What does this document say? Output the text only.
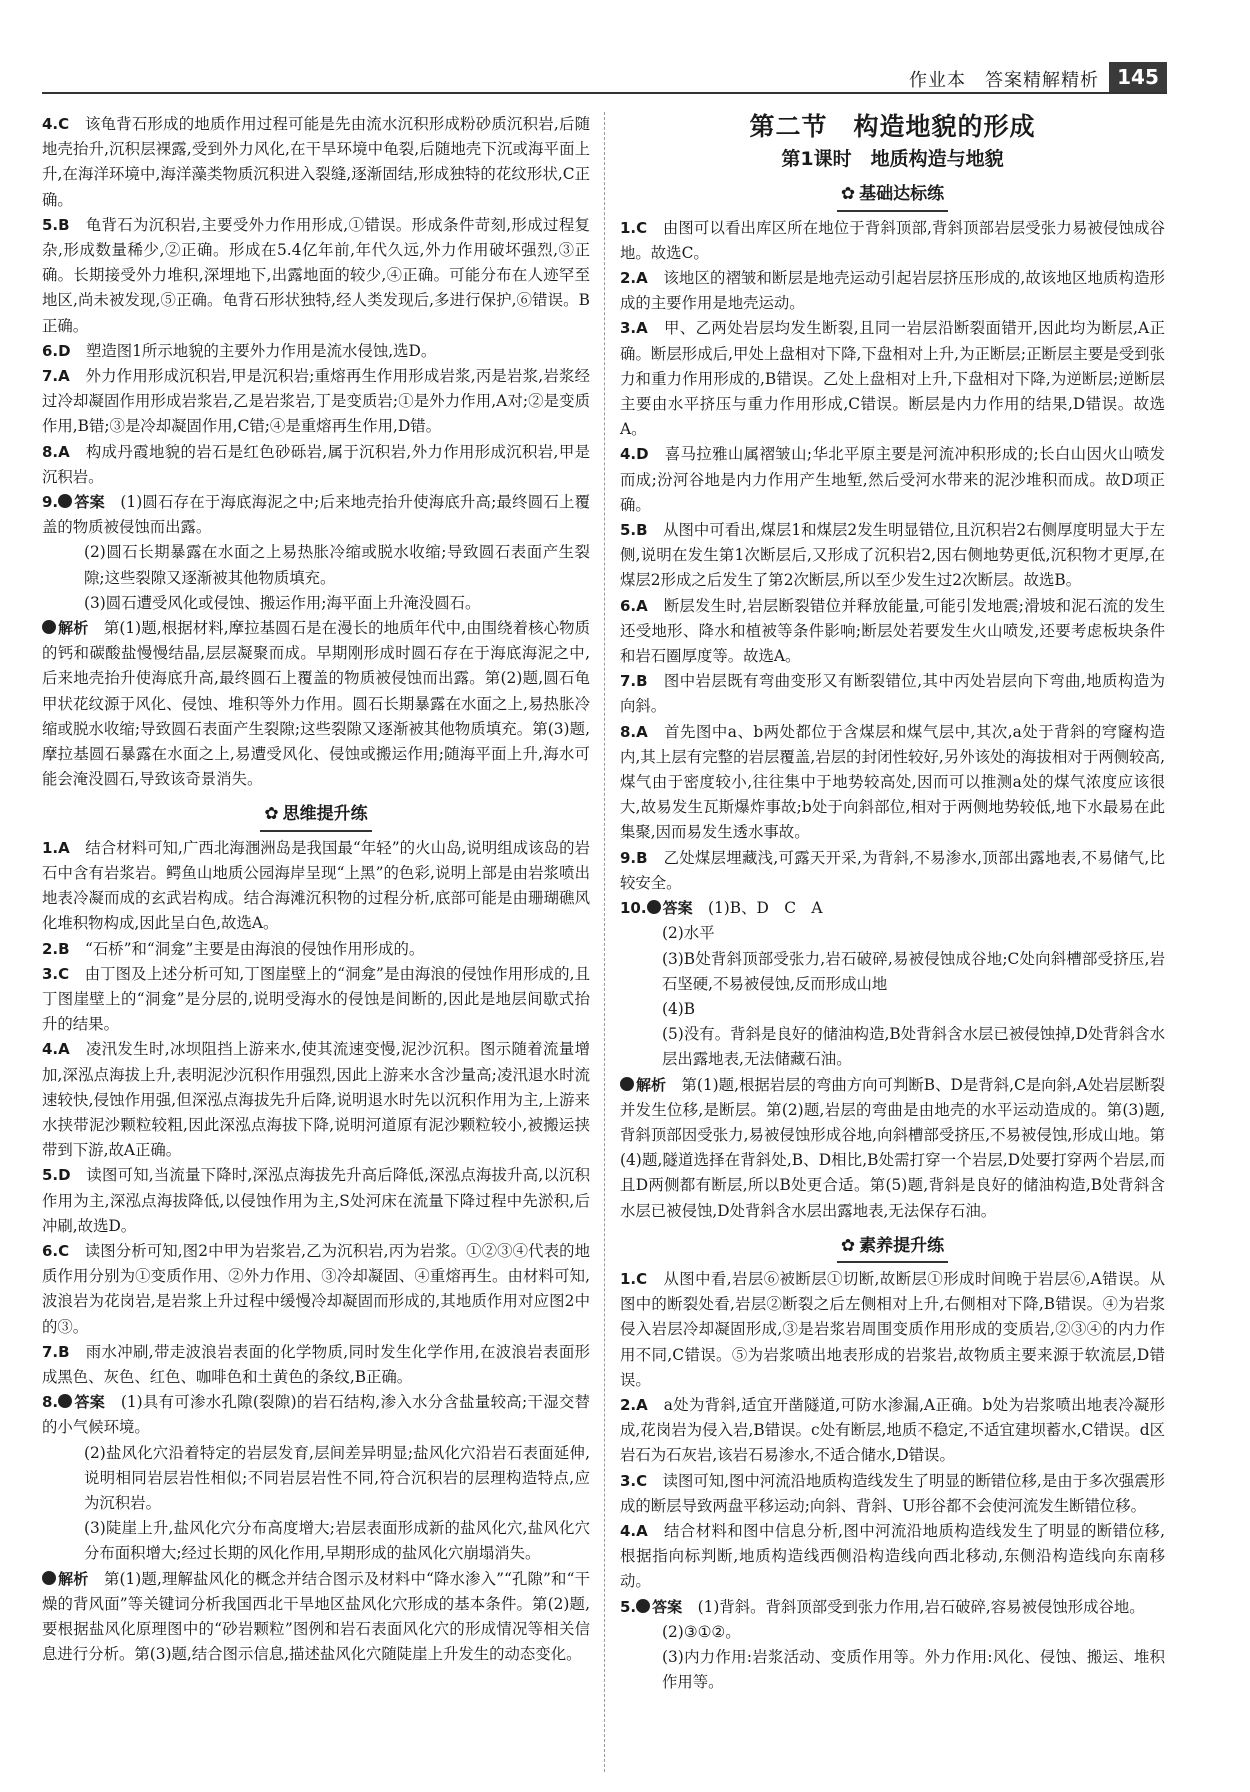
作业本　答案精解精析 145

4.C　 该龟背石形成的地质作用过程可能是先由流水沉积形成粉砂质沉积岩,后随地壳抬升,沉积层裸露,受到外力风化,在干旱环境中龟裂,后随地壳下沉或海平面上升,在海洋环境中,海洋藻类物质沉积进入裂缝,逐渐固结,形成独特的花纹形状,C正确。

5.B　 龟背石为沉积岩,主要受外力作用形成,①错误。形成条件苛刻,形成过程复杂,形成数量稀少,②正确。形成在5.4亿年前,年代久远,外力作用破坏强烈,③正确。长期接受外力堆积,深埋地下,出露地面的较少,④正确。可能分布在人迹罕至地区,尚未被发现,⑤正确。龟背石形状独特,经人类发现后,多进行保护,⑥错误。B正确。

6.D　 塑造图1所示地貌的主要外力作用是流水侵蚀,选D。

7.A　 外力作用形成沉积岩,甲是沉积岩;重熔再生作用形成岩浆,丙是岩浆,岩浆经过冷却凝固作用形成岩浆岩,乙是岩浆岩,丁是变质岩;①是外力作用,A对;②是变质作用,B错;③是冷却凝固作用,C错;④是重熔再生作用,D错。

8.A　 构成丹霞地貌的岩石是红色砂砾岩,属于沉积岩,外力作用形成沉积岩,甲是沉积岩。

9. 答案　 (1)圆石存在于海底海泥之中;后来地壳抬升使海底升高;最终圆石上覆盖的物质被侵蚀而出露。

(2)圆石长期暴露在水面之上易热胀冷缩或脱水收缩;导致圆石表面产生裂隙;这些裂隙又逐渐被其他物质填充。

(3)圆石遭受风化或侵蚀、搬运作用;海平面上升淹没圆石。

解析　 第(1)题,根据材料,摩拉基圆石是在漫长的地质年代中,由围绕着核心物质的钙和碳酸盐慢慢结晶,层层凝聚而成。早期刚形成时圆石存在于海底海泥之中,后来地壳抬升使海底升高,最终圆石上覆盖的物质被侵蚀而出露。第(2)题,圆石龟甲状花纹源于风化、侵蚀、堆积等外力作用。圆石长期暴露在水面之上,易热胀冷缩或脱水收缩;导致圆石表面产生裂隙;这些裂隙又逐渐被其他物质填充。第(3)题,摩拉基圆石暴露在水面之上,易遭受风化、侵蚀或搬运作用;随海平面上升,海水可能会淹没圆石,导致该奇景消失。

✿ 思维提升练

1.A　 结合材料可知,广西北海涠洲岛是我国最“年轻”的火山岛,说明组成该岛的岩石中含有岩浆岩。鳄鱼山地质公园海岸呈现“上黑”的色彩,说明上部是由岩浆喷出地表冷凝而成的玄武岩构成。结合海滩沉积物的过程分析,底部可能是由珊瑚礁风化堆积物构成,因此呈白色,故选A。

2.B　 “石桥”和“洞龛”主要是由海浪的侵蚀作用形成的。

3.C　 由丁图及上述分析可知,丁图崖壁上的“洞龛”是由海浪的侵蚀作用形成的,且丁图崖壁上的“洞龛”是分层的,说明受海水的侵蚀是间断的,因此是地层间歇式抬升的结果。

4.A　 凌汛发生时,冰坝阻挡上游来水,使其流速变慢,泥沙沉积。图示随着流量增加,深泓点海拔上升,表明泥沙沉积作用强烈,因此上游来水含沙量高;凌汛退水时流速较快,侵蚀作用强,但深泓点海拔先升后降,说明退水时先以沉积作用为主,上游来水挟带泥沙颗粒较粗,因此深泓点海拔下降,说明河道原有泥沙颗粒较小,被搬运挟带到下游,故A正确。

5.D　 读图可知,当流量下降时,深泓点海拔先升高后降低,深泓点海拔升高,以沉积作用为主,深泓点海拔降低,以侵蚀作用为主,S处河床在流量下降过程中先淤积,后冲刷,故选D。

6.C　 读图分析可知,图2中甲为岩浆岩,乙为沉积岩,丙为岩浆。①②③④代表的地质作用分别为①变质作用、②外力作用、③冷却凝固、④重熔再生。由材料可知,波浪岩为花岗岩,是岩浆上升过程中缓慢冷却凝固而形成的,其地质作用对应图2中的③。

7.B　 雨水冲刷,带走波浪岩表面的化学物质,同时发生化学作用,在波浪岩表面形成黑色、灰色、红色、咖啡色和土黄色的条纹,B正确。

8. 答案　 (1)具有可渗水孔隙(裂隙)的岩石结构,渗入水分含盐量较高;干湿交替的小气候环境。

(2)盐风化穴沿着特定的岩层发育,层间差异明显;盐风化穴沿岩石表面延伸,说明相同岩层岩性相似;不同岩层岩性不同,符合沉积岩的层理构造特点,应为沉积岩。

(3)陡崖上升,盐风化穴分布高度增大;岩层表面形成新的盐风化穴,盐风化穴分布面积增大;经过长期的风化作用,早期形成的盐风化穴崩塌消失。

解析　 第(1)题,理解盐风化的概念并结合图示及材料中“降水渗入”“孔隙”和“干燥的背风面”等关键词分析我国西北干旱地区盐风化穴形成的基本条件。第(2)题,要根据盐风化原理图中的“砂岩颗粒”图例和岩石表面风化穴的形成情况等相关信息进行分析。第(3)题,结合图示信息,描述盐风化穴随陡崖上升发生的动态变化。

第二节　构造地貌的形成
第1课时　地质构造与地貌
✿ 基础达标练

1.C　 由图可以看出库区所在地位于背斜顶部,背斜顶部岩层受张力易被侵蚀成谷地。故选C。

2.A　 该地区的褶皱和断层是地壳运动引起岩层挤压形成的,故该地区地质构造形成的主要作用是地壳运动。

3.A　 甲、乙两处岩层均发生断裂,且同一岩层沿断裂面错开,因此均为断层,A正确。断层形成后,甲处上盘相对下降,下盘相对上升,为正断层;正断层主要是受到张力和重力作用形成的,B错误。乙处上盘相对上升,下盘相对下降,为逆断层;逆断层主要由水平挤压与重力作用形成,C错误。断层是内力作用的结果,D错误。故选A。

4.D　 喜马拉雅山属褶皱山;华北平原主要是河流冲积形成的;长白山因火山喷发而成;汾河谷地是内力作用产生地堑,然后受河水带来的泥沙堆积而成。故D项正确。

5.B　 从图中可看出,煤层1和煤层2发生明显错位,且沉积岩2右侧厚度明显大于左侧,说明在发生第1次断层后,又形成了沉积岩2,因右侧地势更低,沉积物才更厚,在煤层2形成之后发生了第2次断层,所以至少发生过2次断层。故选B。

6.A　 断层发生时,岩层断裂错位并释放能量,可能引发地震;滑坡和泥石流的发生还受地形、降水和植被等条件影响;断层处若要发生火山喷发,还要考虑板块条件和岩石圈厚度等。故选A。

7.B　 图中岩层既有弯曲变形又有断裂错位,其中丙处岩层向下弯曲,地质构造为向斜。

8.A　 首先图中a、b两处都位于含煤层和煤气层中,其次,a处于背斜的穹窿构造内,其上层有完整的岩层覆盖,岩层的封闭性较好,另外该处的海拔相对于两侧较高,煤气由于密度较小,往往集中于地势较高处,因而可以推测a处的煤气浓度应该很大,故易发生瓦斯爆炸事故;b处于向斜部位,相对于两侧地势较低,地下水最易在此集聚,因而易发生透水事故。

9.B　 乙处煤层埋藏浅,可露天开采,为背斜,不易渗水,顶部出露地表,不易储气,比较安全。

10. 答案　 (1)B、D　C　A

(2)水平

(3)B处背斜顶部受张力,岩石破碎,易被侵蚀成谷地;C处向斜槽部受挤压,岩石坚硬,不易被侵蚀,反而形成山地

(4)B

(5)没有。背斜是良好的储油构造,B处背斜含水层已被侵蚀掉,D处背斜含水层出露地表,无法储藏石油。

解析　 第(1)题,根据岩层的弯曲方向可判断B、D是背斜,C是向斜,A处岩层断裂并发生位移,是断层。第(2)题,岩层的弯曲是由地壳的水平运动造成的。第(3)题,背斜顶部因受张力,易被侵蚀形成谷地,向斜槽部受挤压,不易被侵蚀,形成山地。第(4)题,隧道选择在背斜处,B、D相比,B处需打穿一个岩层,D处要打穿两个岩层,而且D两侧都有断层,所以B处更合适。第(5)题,背斜是良好的储油构造,B处背斜含水层已被侵蚀,D处背斜含水层出露地表,无法保存石油。

✿ 素养提升练

1.C　 从图中看,岩层⑥被断层①切断,故断层①形成时间晚于岩层⑥,A错误。从图中的断裂处看,岩层②断裂之后左侧相对上升,右侧相对下降,B错误。④为岩浆侵入岩层冷却凝固形成,③是岩浆岩周围变质作用形成的变质岩,②③④的内力作用不同,C错误。⑤为岩浆喷出地表形成的岩浆岩,故物质主要来源于软流层,D错误。

2.A　 a处为背斜,适宜开凿隧道,可防水渗漏,A正确。b处为岩浆喷出地表冷凝形成,花岗岩为侵入岩,B错误。c处有断层,地质不稳定,不适宜建坝蓄水,C错误。d区岩石为石灰岩,该岩石易渗水,不适合储水,D错误。

3.C　 读图可知,图中河流沿地质构造线发生了明显的断错位移,是由于多次强震形成的断层导致两盘平移运动;向斜、背斜、U形谷都不会使河流发生断错位移。

4.A　 结合材料和图中信息分析,图中河流沿地质构造线发生了明显的断错位移,根据指向标判断,地质构造线西侧沿构造线向西北移动,东侧沿构造线向东南移动。

5. 答案　 (1)背斜。背斜顶部受到张力作用,岩石破碎,容易被侵蚀形成谷地。

(2)③①②。

(3)内力作用:岩浆活动、变质作用等。外力作用:风化、侵蚀、搬运、堆积作用等。
